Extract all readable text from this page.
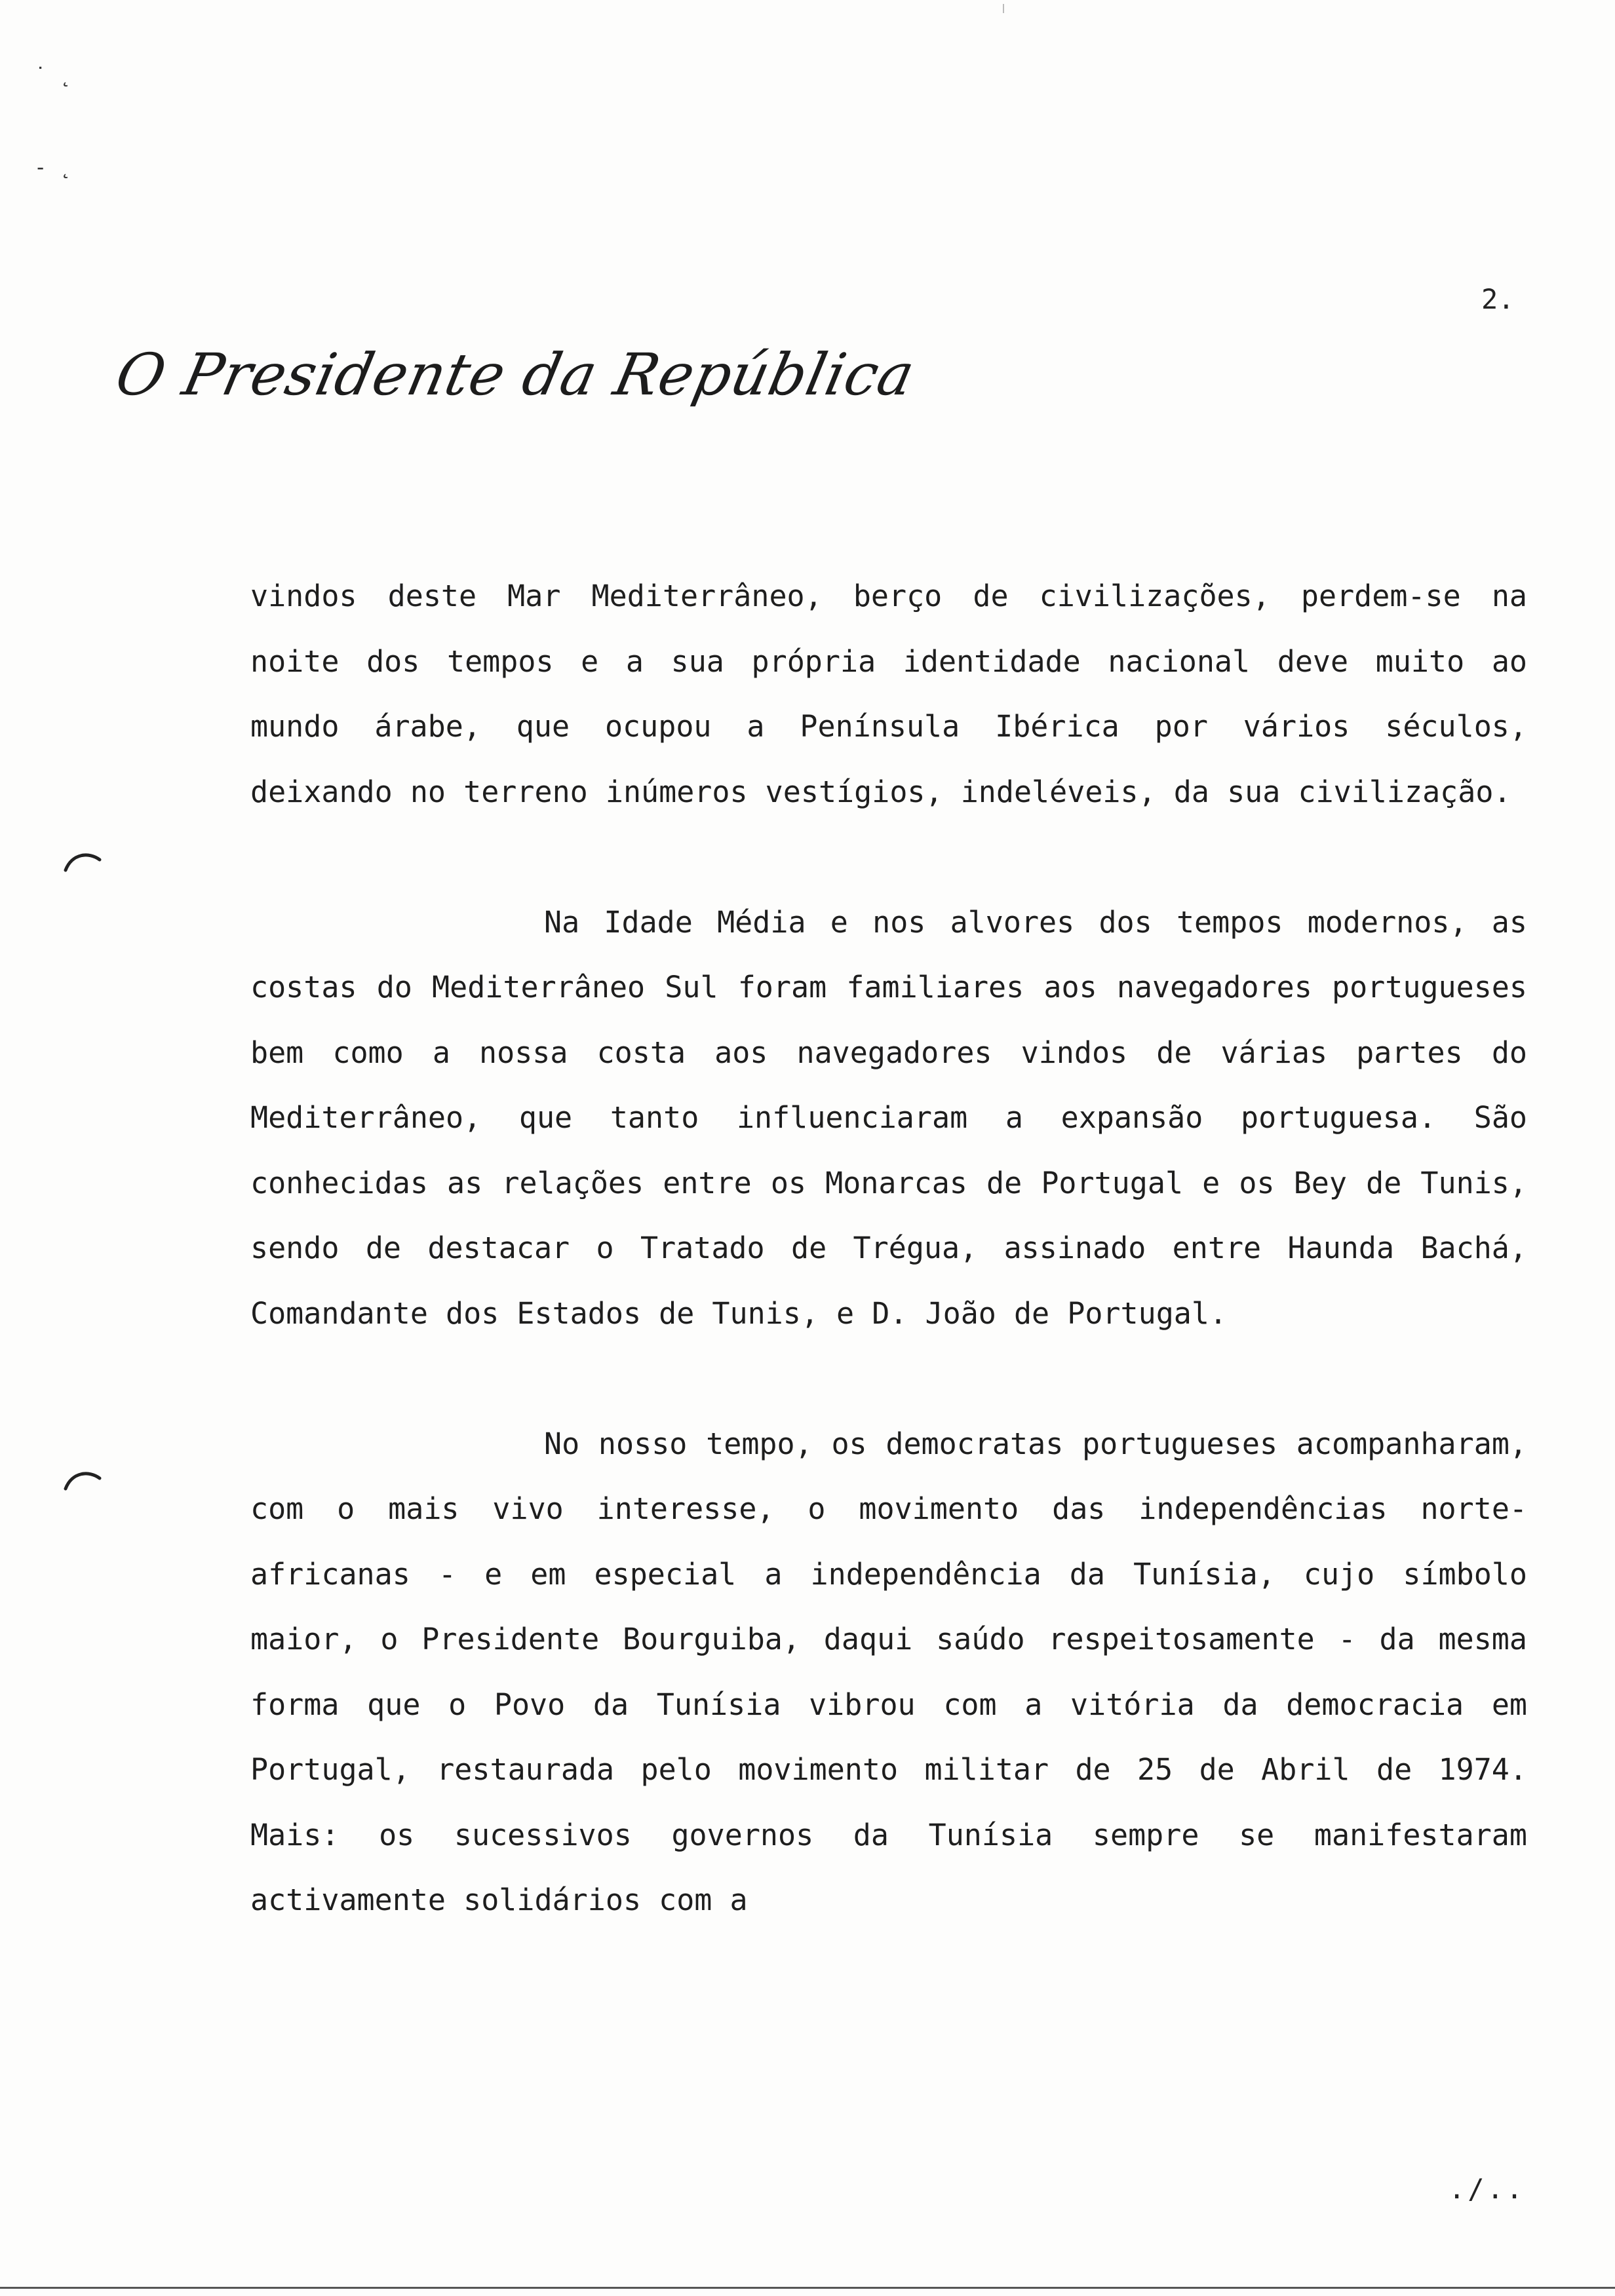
˙ ˛
- ˛
2.
O Presidente da República

vindos deste Mar Mediterrâneo, berço de civilizações, perdem-se na noite dos tempos e a sua própria identidade nacional deve muito ao mundo árabe, que ocupou a Península Ibérica por vários séculos, deixando no terreno inúmeros vestígios, indeléveis, da sua civilização.

Na Idade Média e nos alvores dos tempos modernos, as costas do Mediterrâneo Sul foram familiares aos navegadores portugueses bem como a nossa costa aos navegadores vindos de várias partes do Mediterrâneo, que tanto influenciaram a expansão portuguesa. São conhecidas as relações entre os Monarcas de Portugal e os Bey de Tunis, sendo de destacar o Tratado de Trégua, assinado entre Haunda Bachá, Comandante dos Estados de Tunis, e D. João de Portugal.

No nosso tempo, os democratas portugueses acompanharam, com o mais vivo interesse, o movimento das independências norte-africanas - e em especial a independência da Tunísia, cujo símbolo maior, o Presidente Bourguiba, daqui saúdo respeitosamente - da mesma forma que o Povo da Tunísia vibrou com a vitória da democracia em Portugal, restaurada pelo movimento militar de 25 de Abril de 1974. Mais: os sucessivos governos da Tunísia sempre se manifestaram activamente solidários com a

./..
